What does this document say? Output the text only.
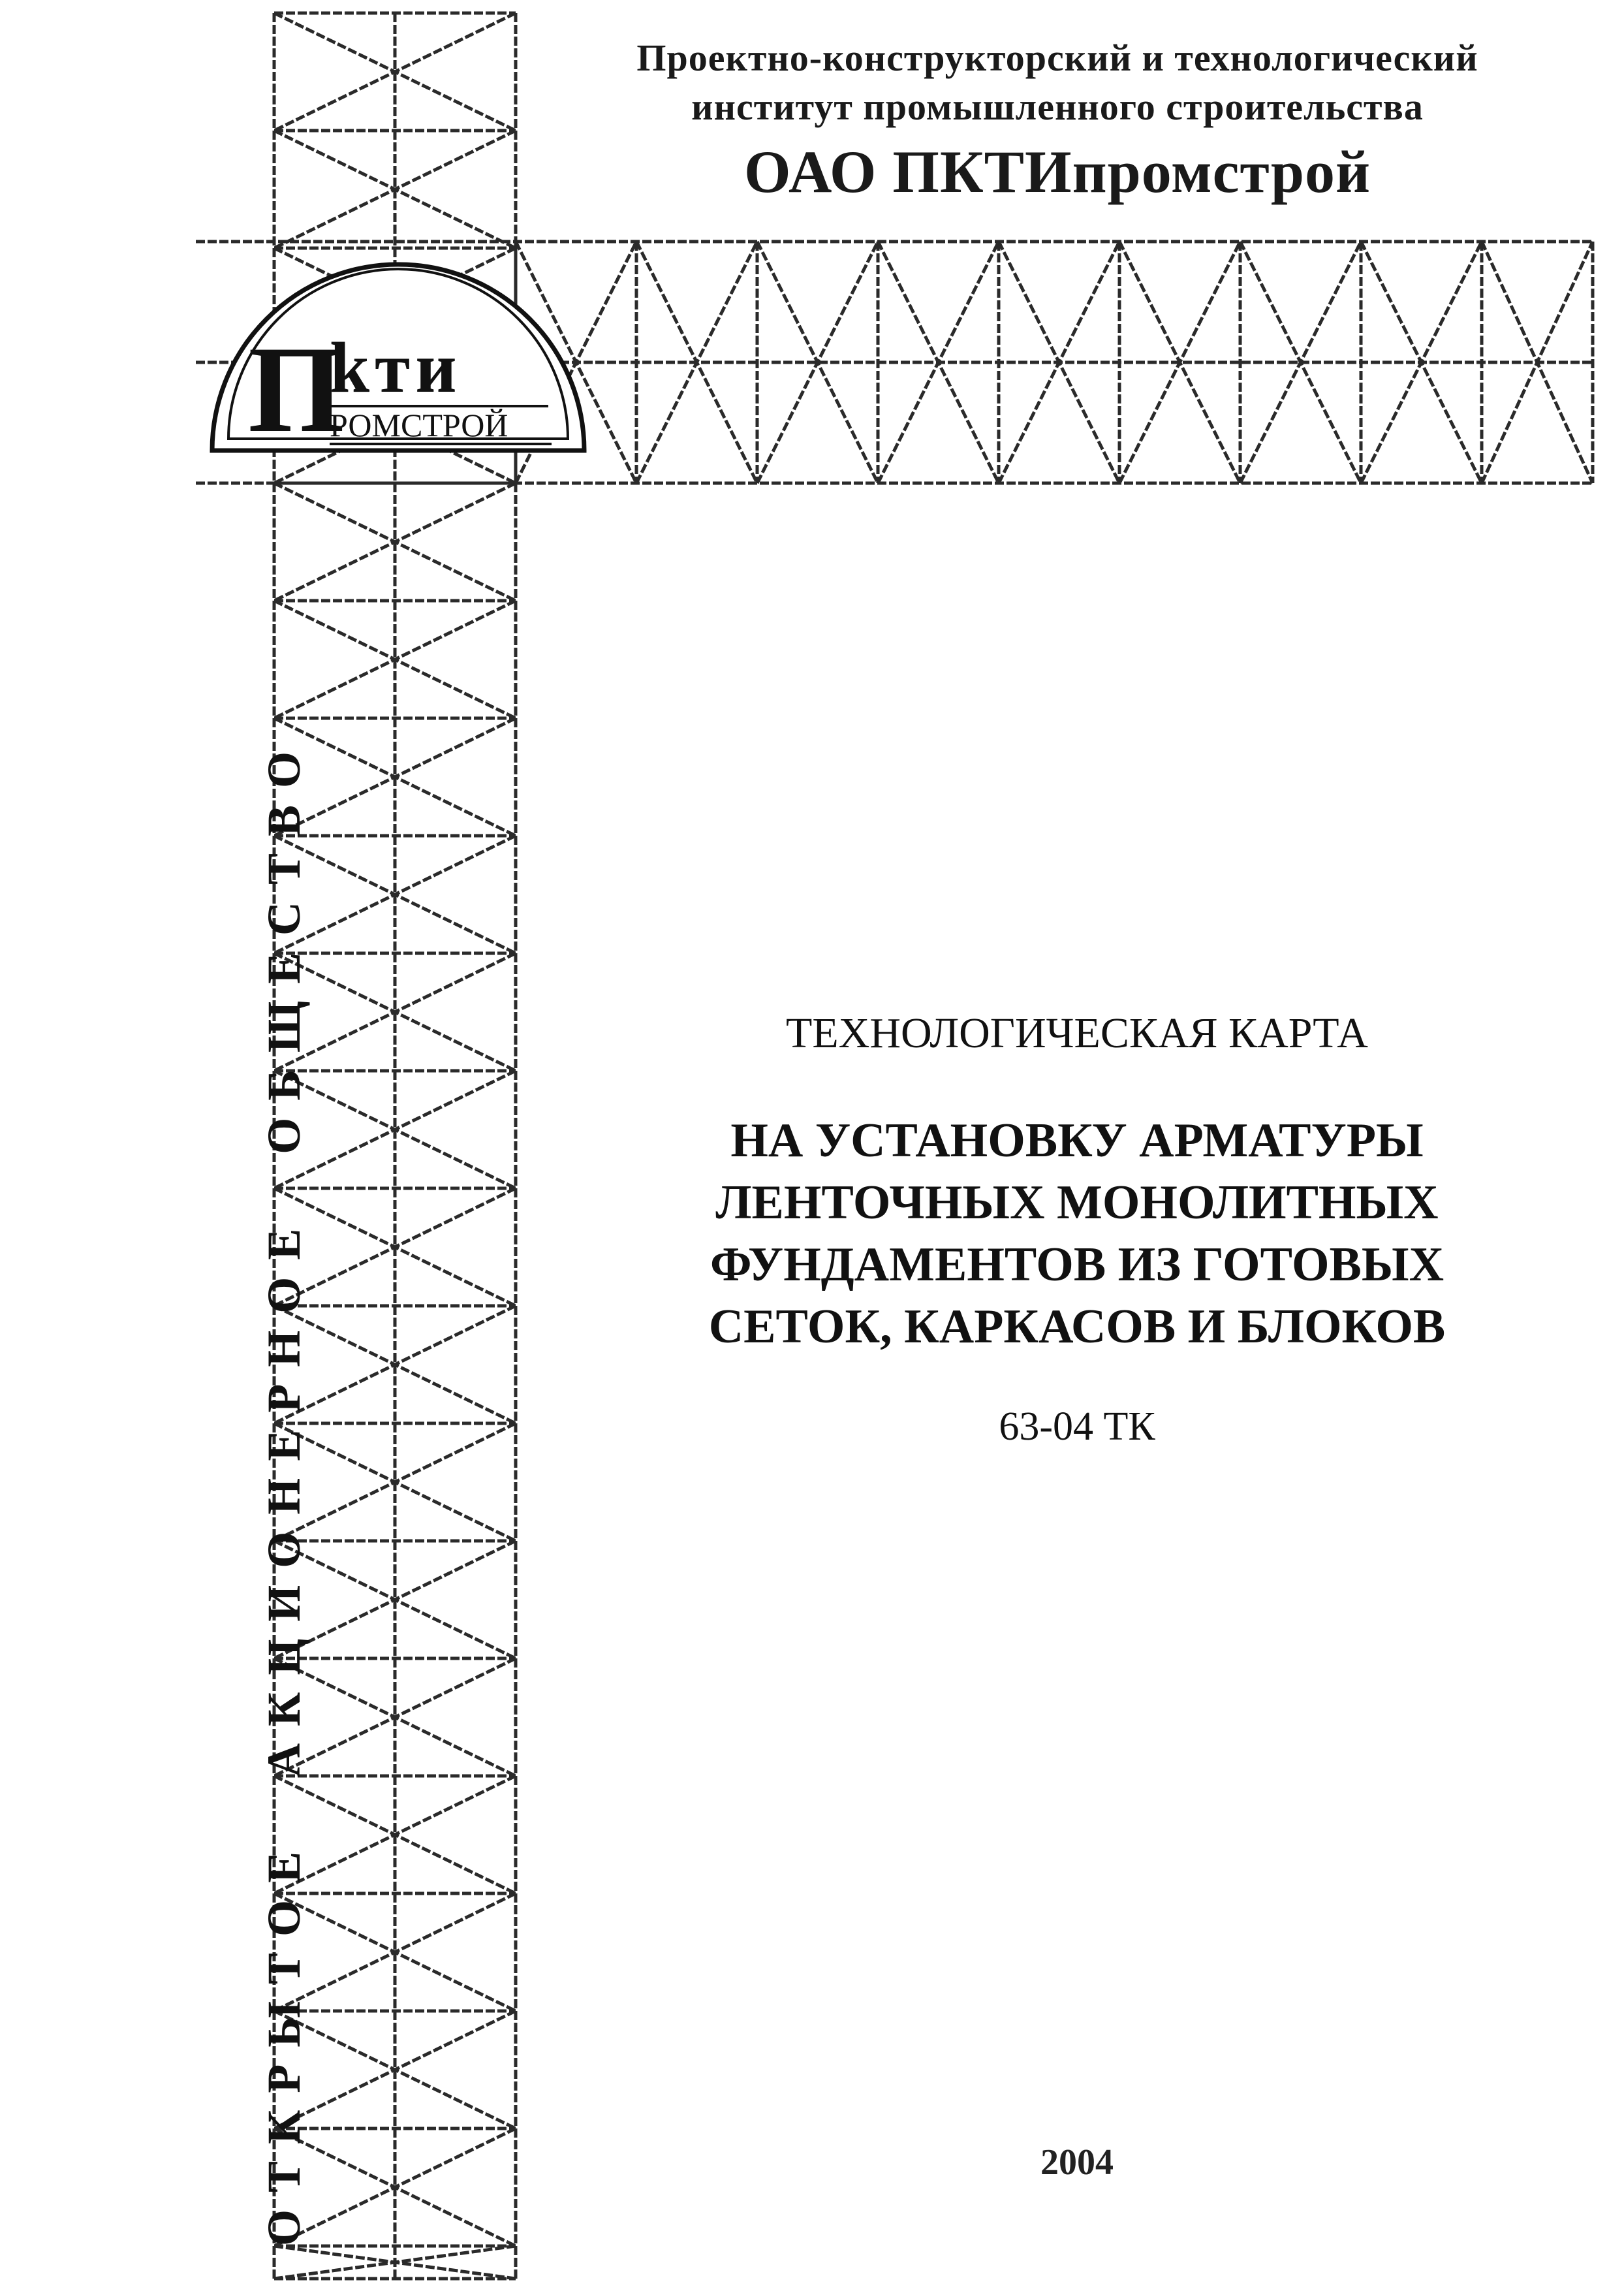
П
kти
РОМСТРОЙ
Проектно-конструкторский и технологический
институт промышленного строительства
ОАО ПКТИпромстрой
ОТКРЫТОЕ  АКЦИОНЕРНОЕ  ОБЩЕСТВО	ТЕХНОЛОГИЧЕСКАЯ КАРТА
НА УСТАНОВКУ АРМАТУРЫ
ЛЕНТОЧНЫХ МОНОЛИТНЫХ
ФУНДАМЕНТОВ ИЗ ГОТОВЫХ
СЕТОК, КАРКАСОВ И БЛОКОВ
63-04 ТК
2004
